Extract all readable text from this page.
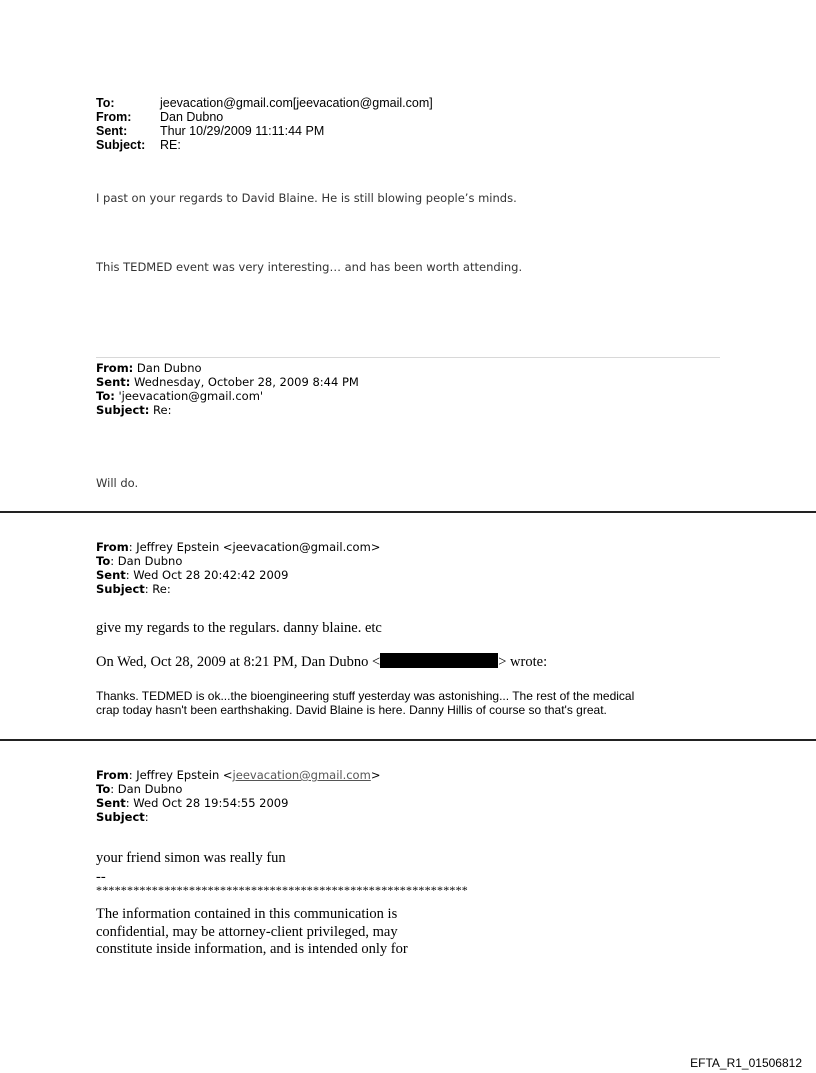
To:	jeevacation@gmail.com[jeevacation@gmail.com]
From: Dan Dubno
Sent:	Thur 10/29/2009 11:11:44 PM
Subject: RE:
I past on your regards to David Blaine. He is still blowing people’s minds.
This TEDMED event was very interesting… and has been worth attending.
From: Dan Dubno
Sent: Wednesday, October 28, 2009 8:44 PM
To: 'jeevacation@gmail.com'
Subject: Re:
Will do.
From: Jeffrey Epstein <jeevacation@gmail.com>
To: Dan Dubno
Sent: Wed Oct 28 20:42:42 2009
Subject: Re:
give my regards to the regulars. danny blaine. etc
On Wed, Oct 28, 2009 at 8:21 PM, Dan Dubno <	> wrote:
Thanks. TEDMED is ok...the bioengineering stuff yesterday was astonishing... The rest of the medical
crap today hasn't been earthshaking. David Blaine is here. Danny Hillis of course so that's great.
From: Jeffrey Epstein <jeevacation@gmail.com>
To: Dan Dubno
Sent: Wed Oct 28 19:54:55 2009
Subject:
your friend simon was really fun
--
************************************************************
The information contained in this communication is
confidential, may be attorney-client privileged, may
constitute inside information, and is intended only for
EFTA_R1_01506812
